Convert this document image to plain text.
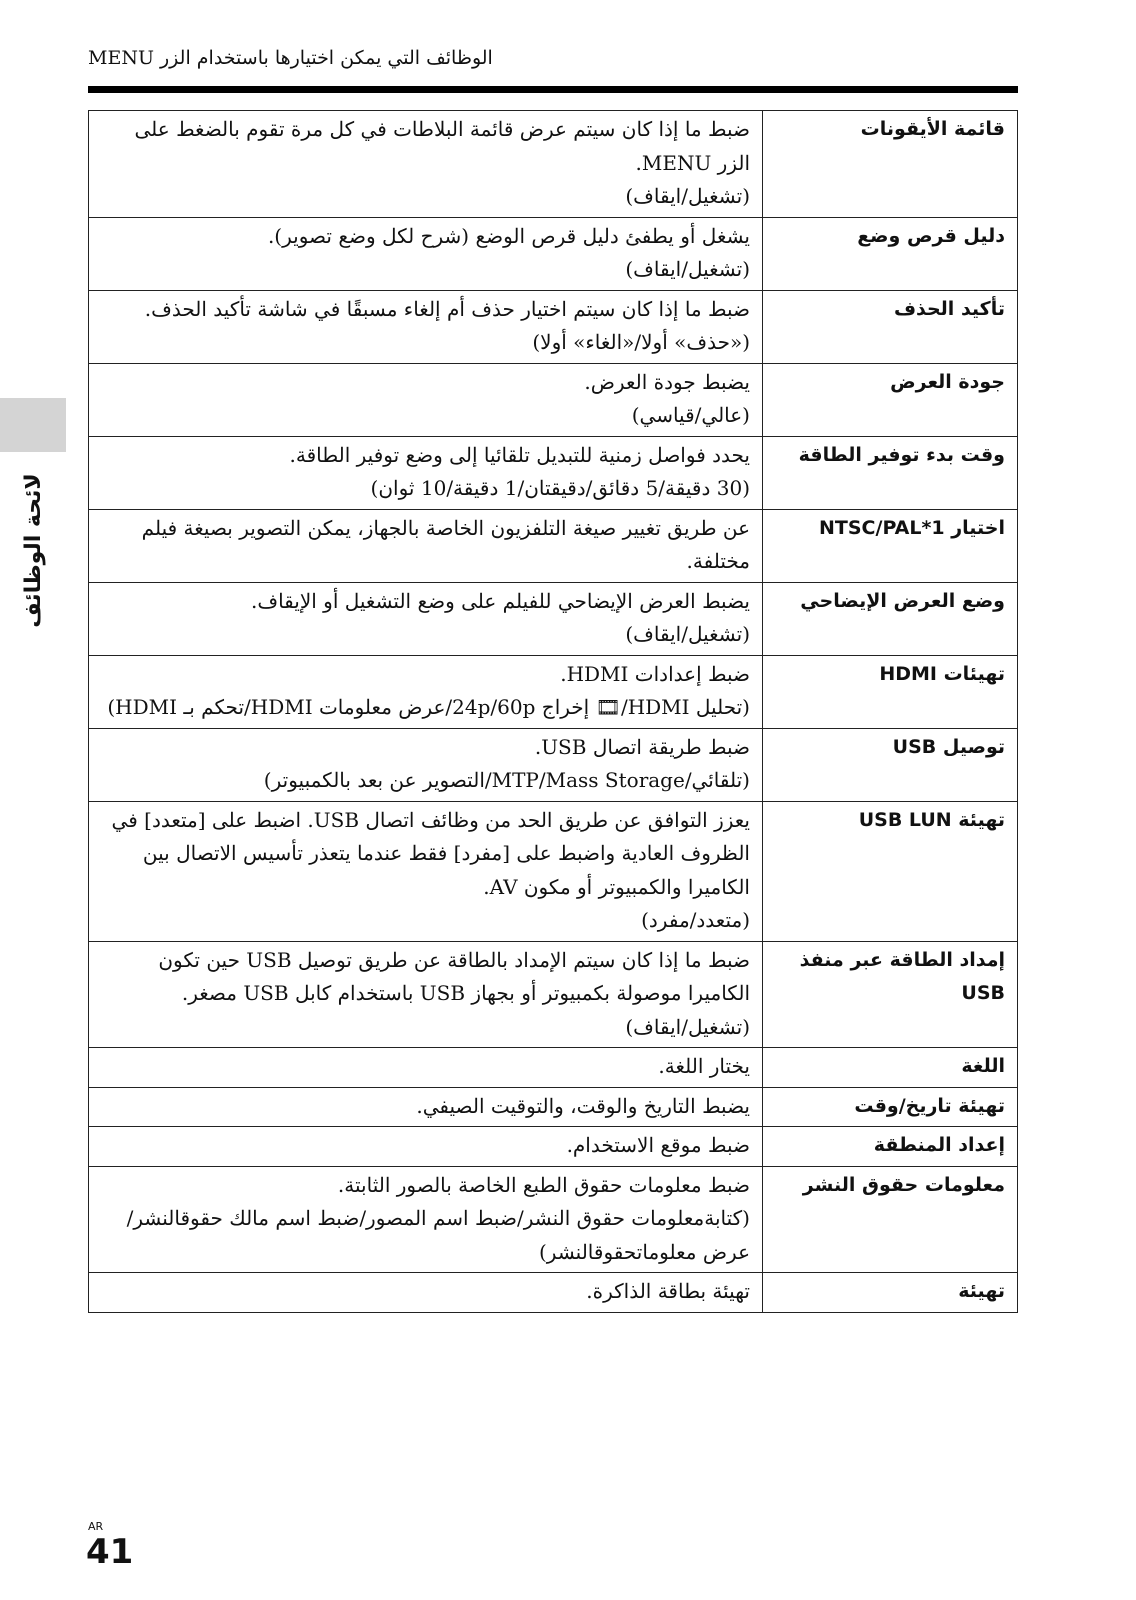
الوظائف التي يمكن اختيارها باستخدام الزر MENU
لائحة الوظائف
قائمة الأيقونات	ضبط ما إذا كان سيتم عرض قائمة البلاطات في كل مرة تقوم بالضغط على الزر MENU.
(تشغيل/ايقاف)

دليل قرص وضع	يشغل أو يطفئ دليل قرص الوضع (شرح لكل وضع تصوير).
(تشغيل/ايقاف)

تأكيد الحذف	ضبط ما إذا كان سيتم اختيار حذف أم إلغاء مسبقًا في شاشة تأكيد الحذف.
(«حذف» أولا/«الغاء» أولا)

جودة العرض	يضبط جودة العرض.
(عالي/قياسي)

وقت بدء توفير الطاقة	يحدد فواصل زمنية للتبديل تلقائيا إلى وضع توفير الطاقة.
(30 دقيقة/5 دقائق/دقيقتان/1 دقيقة/10 ثوان)

اختيار NTSC/PAL*1	عن طريق تغيير صيغة التلفزيون الخاصة بالجهاز، يمكن التصوير بصيغة فيلم مختلفة.

وضع العرض الإيضاحي	يضبط العرض الإيضاحي للفيلم على وضع التشغيل أو الإيقاف.
(تشغيل/ايقاف)

تهيئات HDMI	ضبط إعدادات HDMI.
(تحليل HDMI/🎞 إخراج 24p/60p/عرض معلومات HDMI/تحكم بـ HDMI)

توصيل USB	ضبط طريقة اتصال USB.
(تلقائي/MTP/Mass Storage/التصوير عن بعد بالكمبيوتر)

تهيئة USB LUN	يعزز التوافق عن طريق الحد من وظائف اتصال USB. اضبط على [متعدد] في الظروف العادية واضبط على [مفرد] فقط عندما يتعذر تأسيس الاتصال بين الكاميرا والكمبيوتر أو مكون AV.
(متعدد/مفرد)

إمداد الطاقة عبر منفذ USB	ضبط ما إذا كان سيتم الإمداد بالطاقة عن طريق توصيل USB حين تكون الكاميرا موصولة بكمبيوتر أو بجهاز USB باستخدام كابل USB مصغر.
(تشغيل/ايقاف)

اللغة	يختار اللغة.

تهيئة تاريخ/وقت	يضبط التاريخ والوقت، والتوقيت الصيفي.

إعداد المنطقة	ضبط موقع الاستخدام.

معلومات حقوق النشر	ضبط معلومات حقوق الطبع الخاصة بالصور الثابتة.
(كتابةمعلومات حقوق النشر/ضبط اسم المصور/ضبط اسم مالك حقوقالنشر/عرض معلوماتحقوقالنشر)

تهيئة	تهيئة بطاقة الذاكرة.
AR
41
